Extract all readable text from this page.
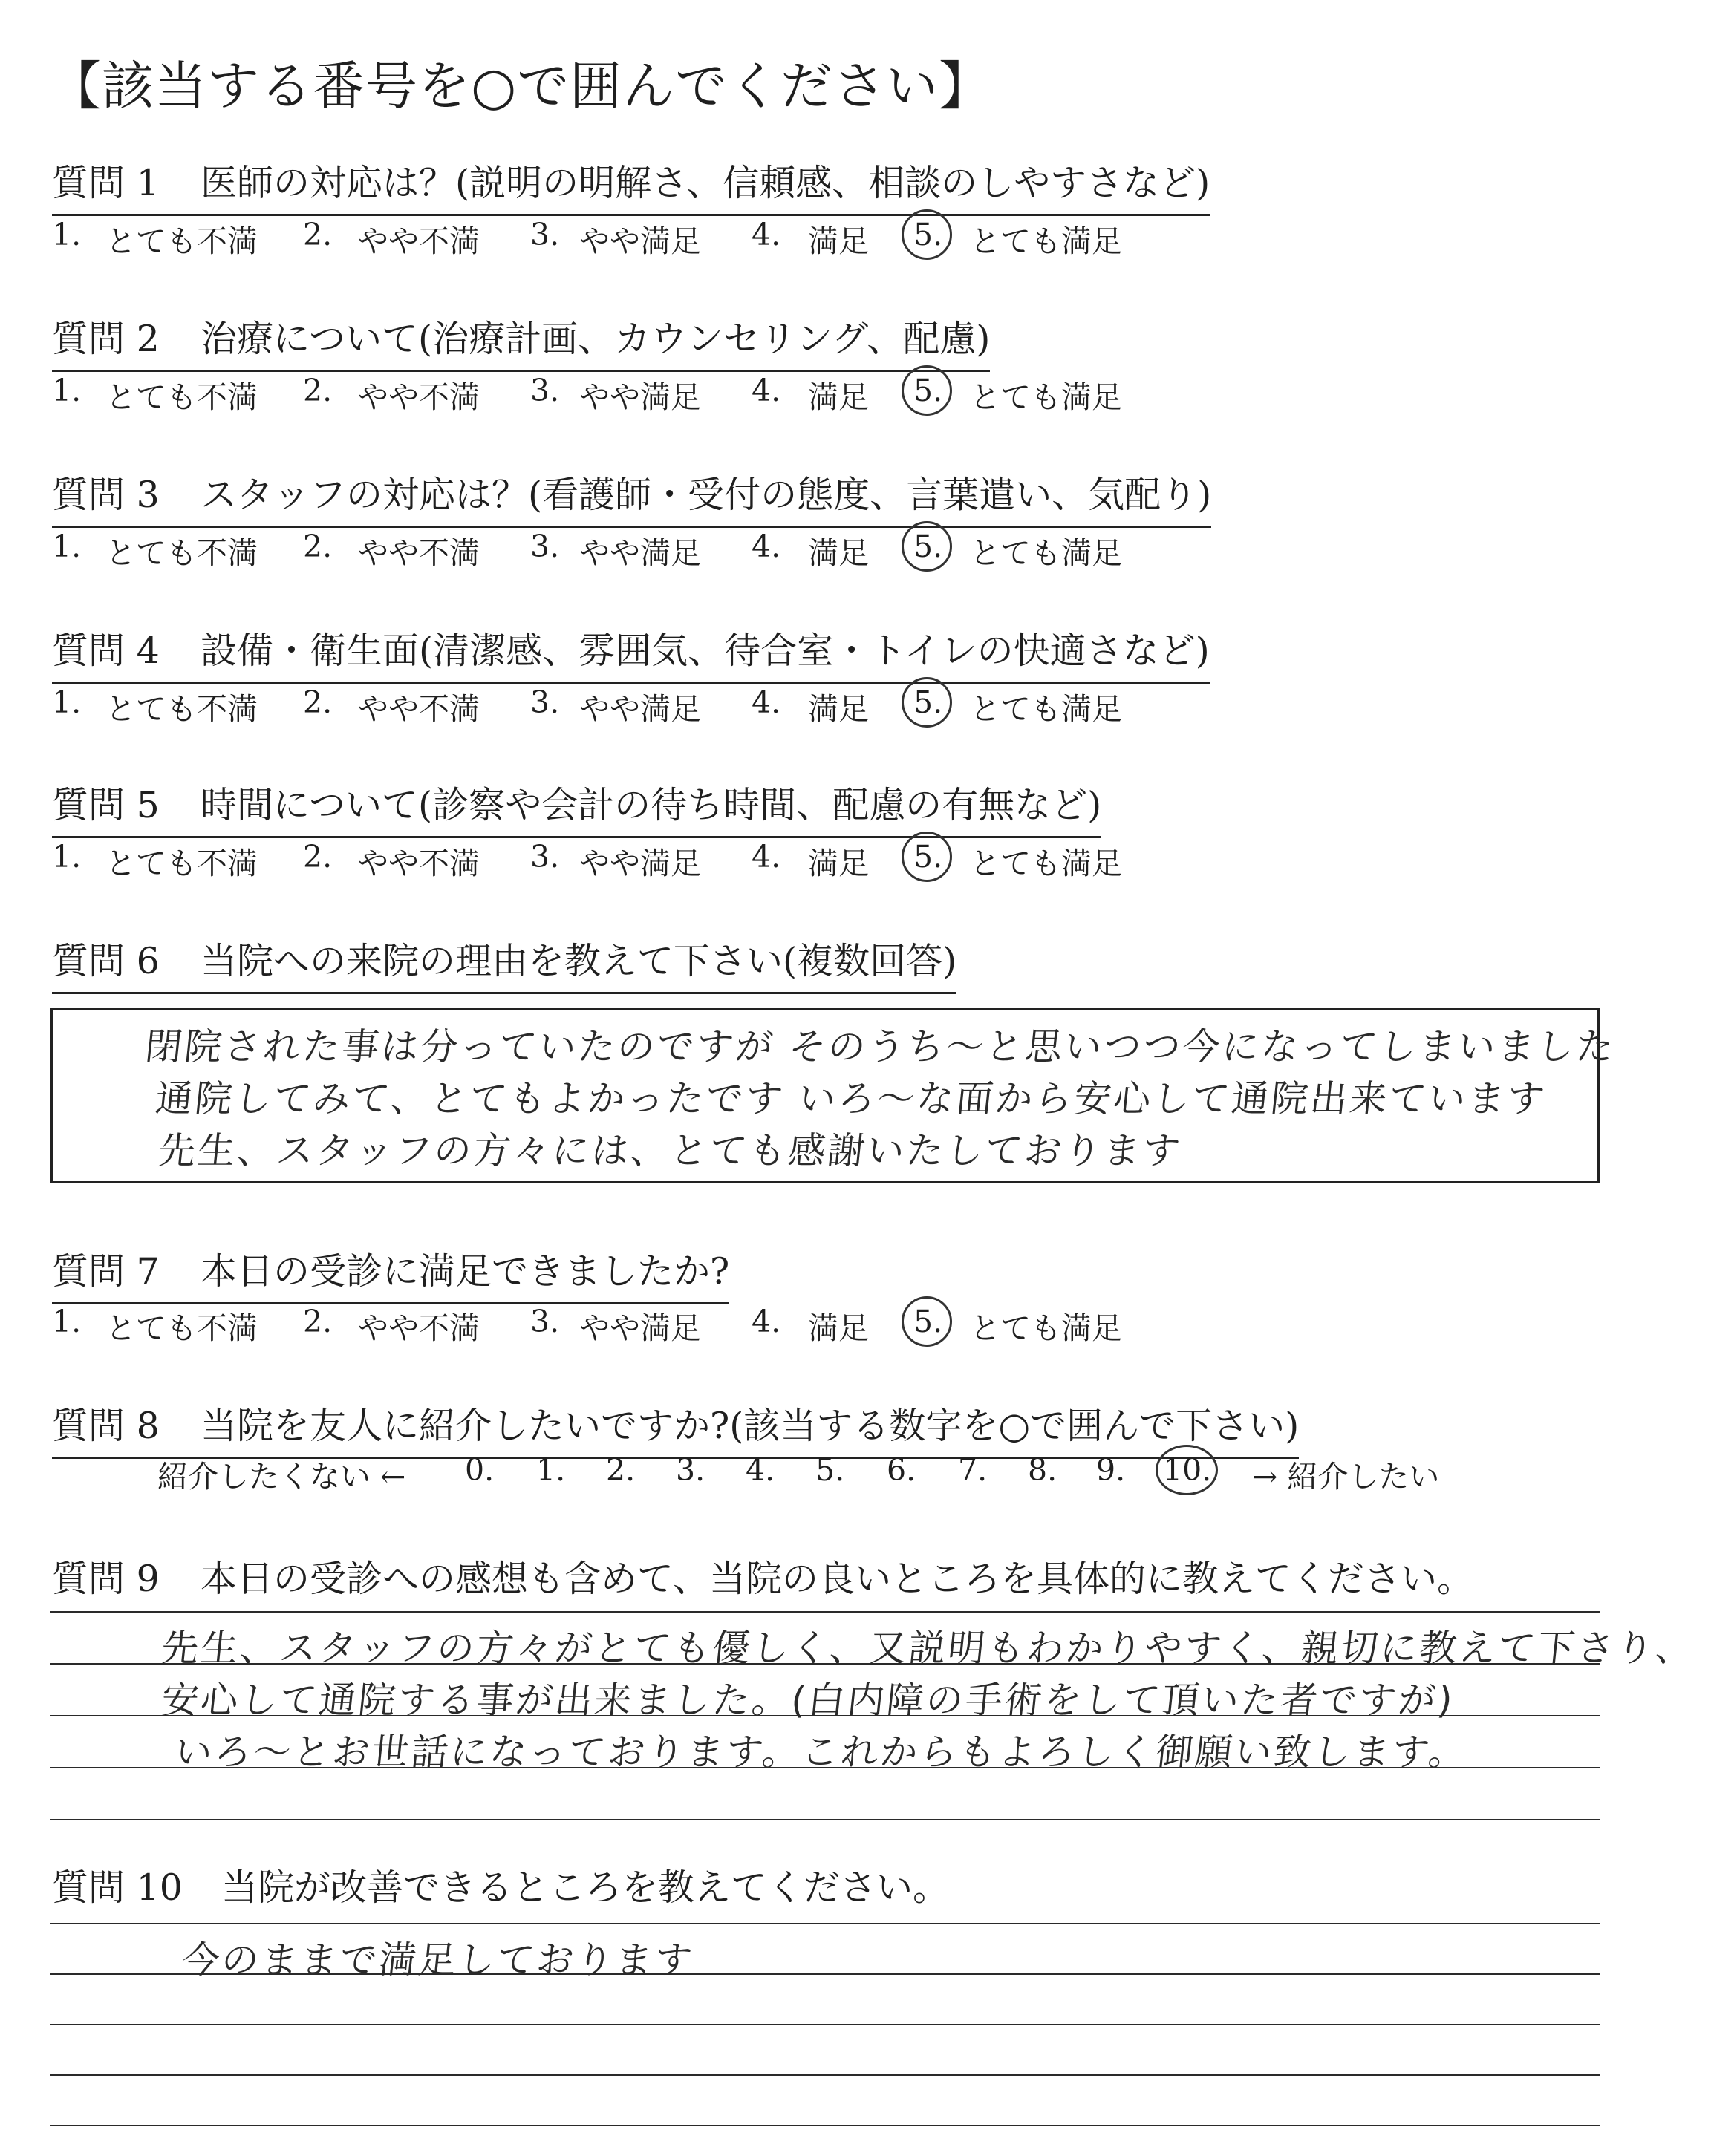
【該当する番号を○で囲んでください】
質問 1 医師の対応は？(説明の明解さ、信頼感、相談のしやすさなど)
1. とても不満 2. やや不満 3. やや満足 4. 満足 5. とても満足
質問 2 治療について(治療計画、カウンセリング、配慮)
1. とても不満 2. やや不満 3. やや満足 4. 満足 5. とても満足
質問 3 スタッフの対応は？(看護師・受付の態度、言葉遣い、気配り)
1. とても不満 2. やや不満 3. やや満足 4. 満足 5. とても満足
質問 4 設備・衛生面(清潔感、雰囲気、待合室・トイレの快適さなど)
1. とても不満 2. やや不満 3. やや満足 4. 満足 5. とても満足
質問 5 時間について(診察や会計の待ち時間、配慮の有無など)
1. とても不満 2. やや不満 3. やや満足 4. 満足 5. とても満足
質問 6 当院への来院の理由を教えて下さい(複数回答)
閉院された事は分っていたのですが そのうち〜と思いつつ今になってしまいました
通院してみて、とてもよかったです いろ〜な面から安心して通院出来ています
先生、スタッフの方々には、とても感謝いたしております
質問 7 本日の受診に満足できましたか?
1. とても不満 2. やや不満 3. やや満足 4. 満足 5. とても満足
質問 8 当院を友人に紹介したいですか?(該当する数字を○で囲んで下さい)
紹介したくない ← 0. 1. 2. 3. 4. 5. 6. 7. 8. 9. 10. → 紹介したい
質問 9 本日の受診への感想も含めて、当院の良いところを具体的に教えてください。
先生、スタッフの方々がとても優しく、又説明もわかりやすく、親切に教えて下さり、
安心して通院する事が出来ました。(白内障の手術をして頂いた者ですが)
いろ〜とお世話になっております。これからもよろしく御願い致します。
質問 10 当院が改善できるところを教えてください。
今のままで満足しております
